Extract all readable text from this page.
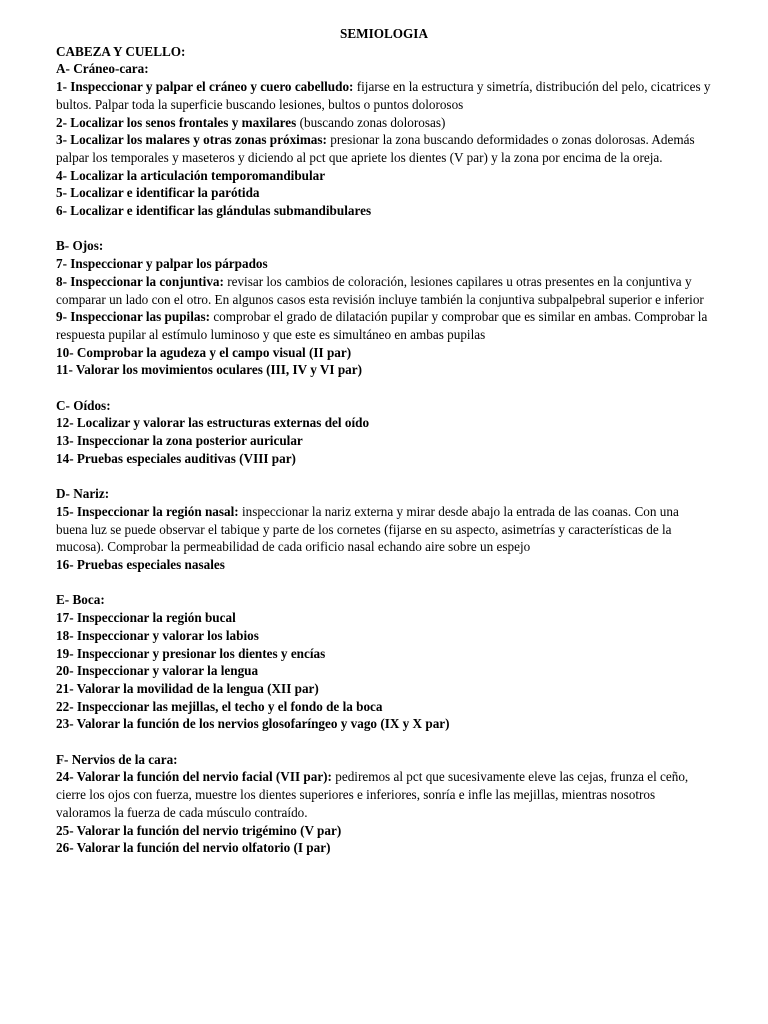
SEMIOLOGIA

CABEZA Y CUELLO:

A- Cráneo-cara:

1- Inspeccionar y palpar el cráneo y cuero cabelludo: fijarse en la estructura y simetría, distribución del pelo, cicatrices y bultos. Palpar toda la superficie buscando lesiones, bultos o puntos dolorosos

2- Localizar los senos frontales y maxilares (buscando zonas dolorosas)

3- Localizar los malares y otras zonas próximas: presionar la zona buscando deformidades o zonas dolorosas. Además palpar los temporales y maseteros y diciendo al pct que apriete los dientes (V par) y la zona por encima de la oreja.

4- Localizar la articulación temporomandibular

5- Localizar e identificar la parótida

6- Localizar e identificar las glándulas submandibulares

B- Ojos:

7- Inspeccionar y palpar los párpados

8- Inspeccionar la conjuntiva: revisar los cambios de coloración, lesiones capilares u otras presentes en la conjuntiva y comparar un lado con el otro. En algunos casos esta revisión incluye también la conjuntiva subpalpebral superior e inferior

9- Inspeccionar las pupilas: comprobar el grado de dilatación pupilar y comprobar que es similar en ambas. Comprobar la respuesta pupilar al estímulo luminoso y que este es simultáneo en ambas pupilas

10- Comprobar la agudeza y el campo visual (II par)

11- Valorar los movimientos oculares (III, IV y VI par)

C- Oídos:

12- Localizar y valorar las estructuras externas del oído

13- Inspeccionar la zona posterior auricular

14- Pruebas especiales auditivas (VIII par)

D- Nariz:

15- Inspeccionar la región nasal: inspeccionar la nariz externa y mirar desde abajo la entrada de las coanas. Con una buena luz se puede observar el tabique y parte de los cornetes (fijarse en su aspecto, asimetrías y características de la mucosa). Comprobar la permeabilidad de cada orificio nasal echando aire sobre un espejo

16- Pruebas especiales nasales

E- Boca:

17- Inspeccionar la región bucal

18- Inspeccionar y valorar los labios

19- Inspeccionar y presionar los dientes y encías

20- Inspeccionar y valorar la lengua

21- Valorar la movilidad de la lengua (XII par)

22- Inspeccionar las mejillas, el techo y el fondo de la boca

23- Valorar la función de los nervios glosofaríngeo y vago (IX y X par)

F- Nervios de la cara:

24- Valorar la función del nervio facial (VII par): pediremos al pct que sucesivamente eleve las cejas, frunza el ceño, cierre los ojos con fuerza, muestre los dientes superiores e inferiores, sonría e infle las mejillas, mientras nosotros valoramos la fuerza de cada músculo contraído.

25- Valorar la función del nervio trigémino (V par)

26- Valorar la función del nervio olfatorio (I par)
